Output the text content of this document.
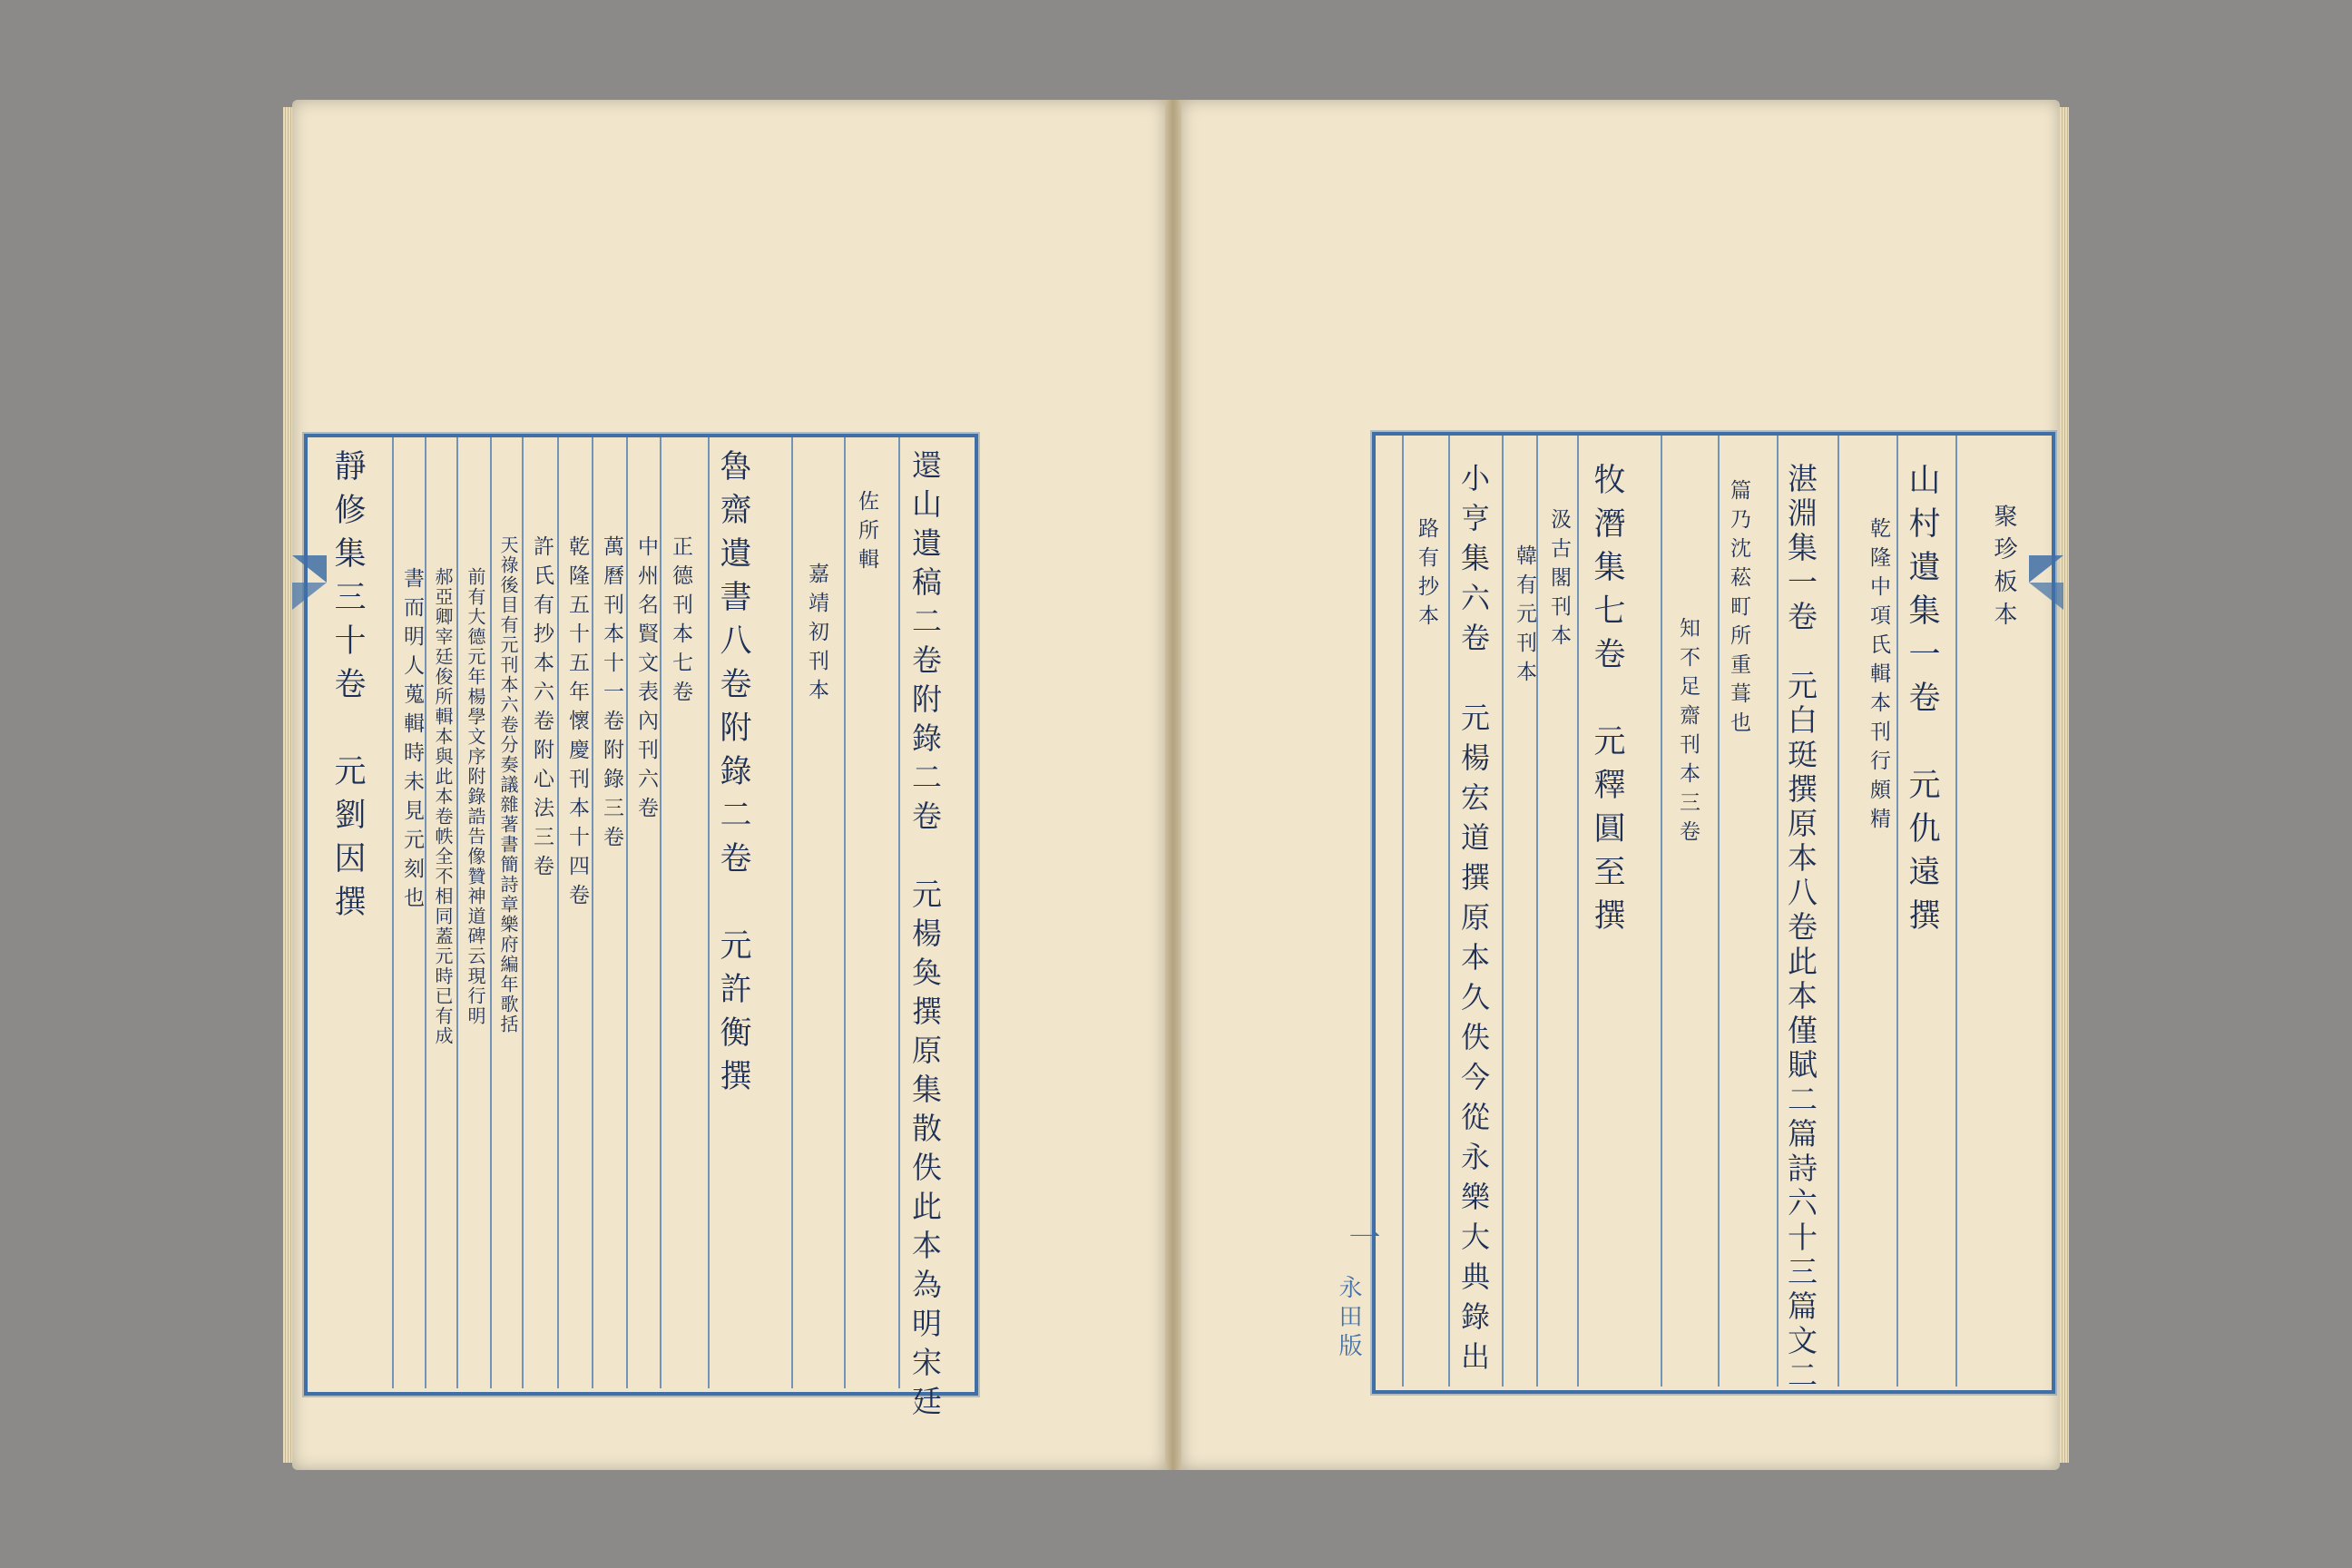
聚珍板本
山村遺集一卷　元仇遠撰
乾隆中項氏輯本刊行頗精
湛淵集一卷　元白珽撰原本八卷此本僅賦二篇詩六十三篇文二
篇乃沈菘町所重葺也
知不足齋刊本三卷
牧潛集七卷　元釋圓至撰
汲古閣刊本
韓有元刊本
小亨集六卷　元楊宏道撰原本久佚今從永樂大典錄出
路有抄本
還山遺稿二卷附錄二卷　元楊奐撰原集散佚此本為明宋廷
佐所輯
嘉靖初刊本
魯齋遺書八卷附錄二卷　元許衡撰
正德刊本七卷
中州名賢文表內刊六卷
萬曆刊本十一卷附錄三卷
乾隆五十五年懷慶刊本十四卷
許氏有抄本六卷附心法三卷
天祿後目有元刊本六卷分奏議雜著書簡詩章樂府編年歌括
前有大德元年楊學文序附錄誥告像贊神道碑云現行明
郝亞卿宰廷俊所輯本與此本卷帙全不相同蓋元時已有成
書而明人蒐輯時未見元刻也
靜修集三十卷　元劉因撰
一
永田版
